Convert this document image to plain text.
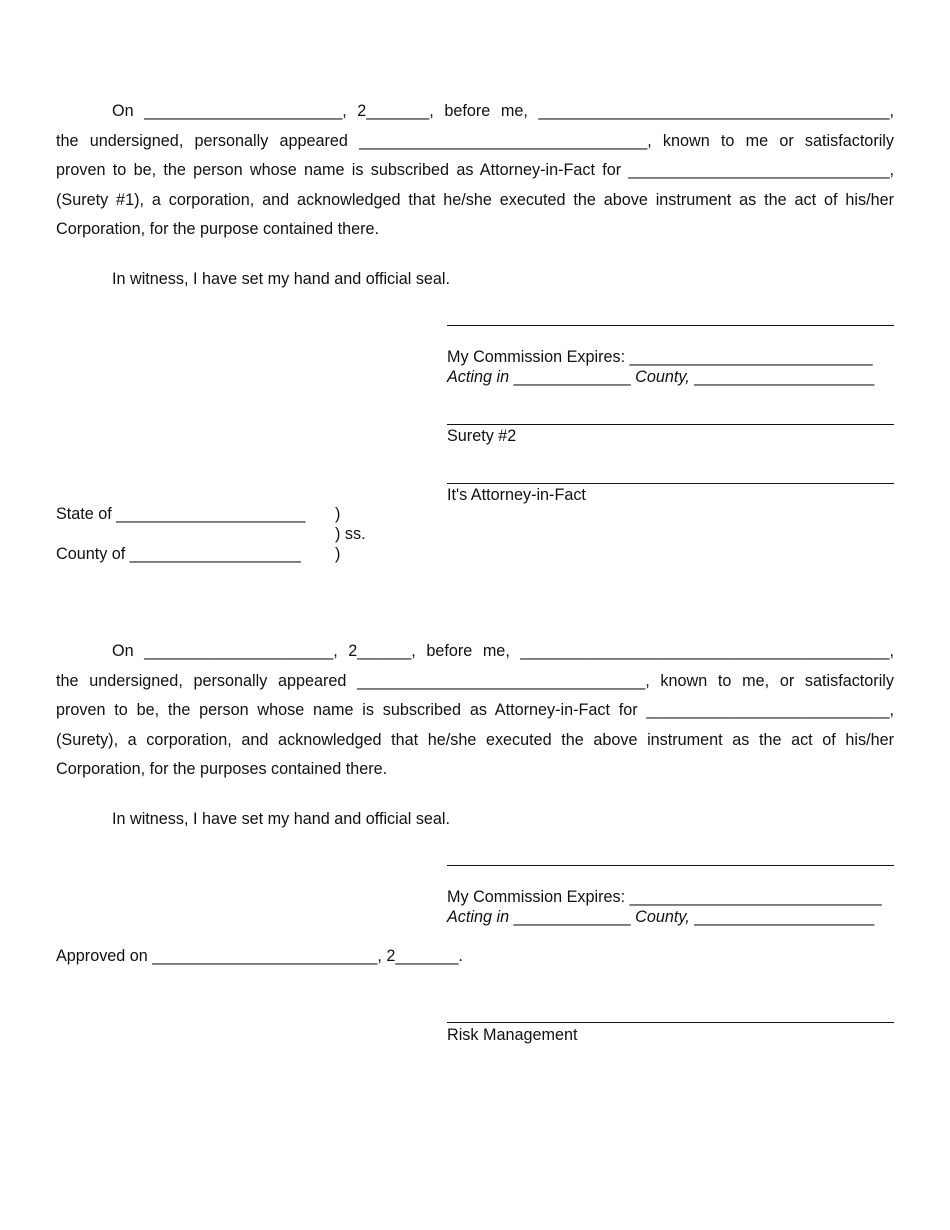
On ______________________, 2_______, before me, _______________________________________,
the undersigned, personally appeared ________________________________, known to me or satisfactorily
proven to be, the person whose name is subscribed as Attorney-in-Fact for _____________________________,
(Surety #1), a corporation, and acknowledged that he/she executed the above instrument as the act of his/her
Corporation, for the purpose contained there.
In witness, I have set my hand and official seal.
My Commission Expires: ___________________________
Acting in _____________ County, ____________________
Surety #2
It's Attorney-in-Fact
State of _____________________
County of ___________________
)
) ss.
)
On _____________________, 2______, before me, _________________________________________,
the undersigned, personally appeared ________________________________, known to me, or satisfactorily
proven to be, the person whose name is subscribed as Attorney-in-Fact for ___________________________,
(Surety), a corporation, and acknowledged that he/she executed the above instrument as the act of his/her
Corporation, for the purposes contained there.
In witness, I have set my hand and official seal.
My Commission Expires: ____________________________
Acting in _____________ County, ____________________
Approved on _________________________, 2_______.
Risk Management
